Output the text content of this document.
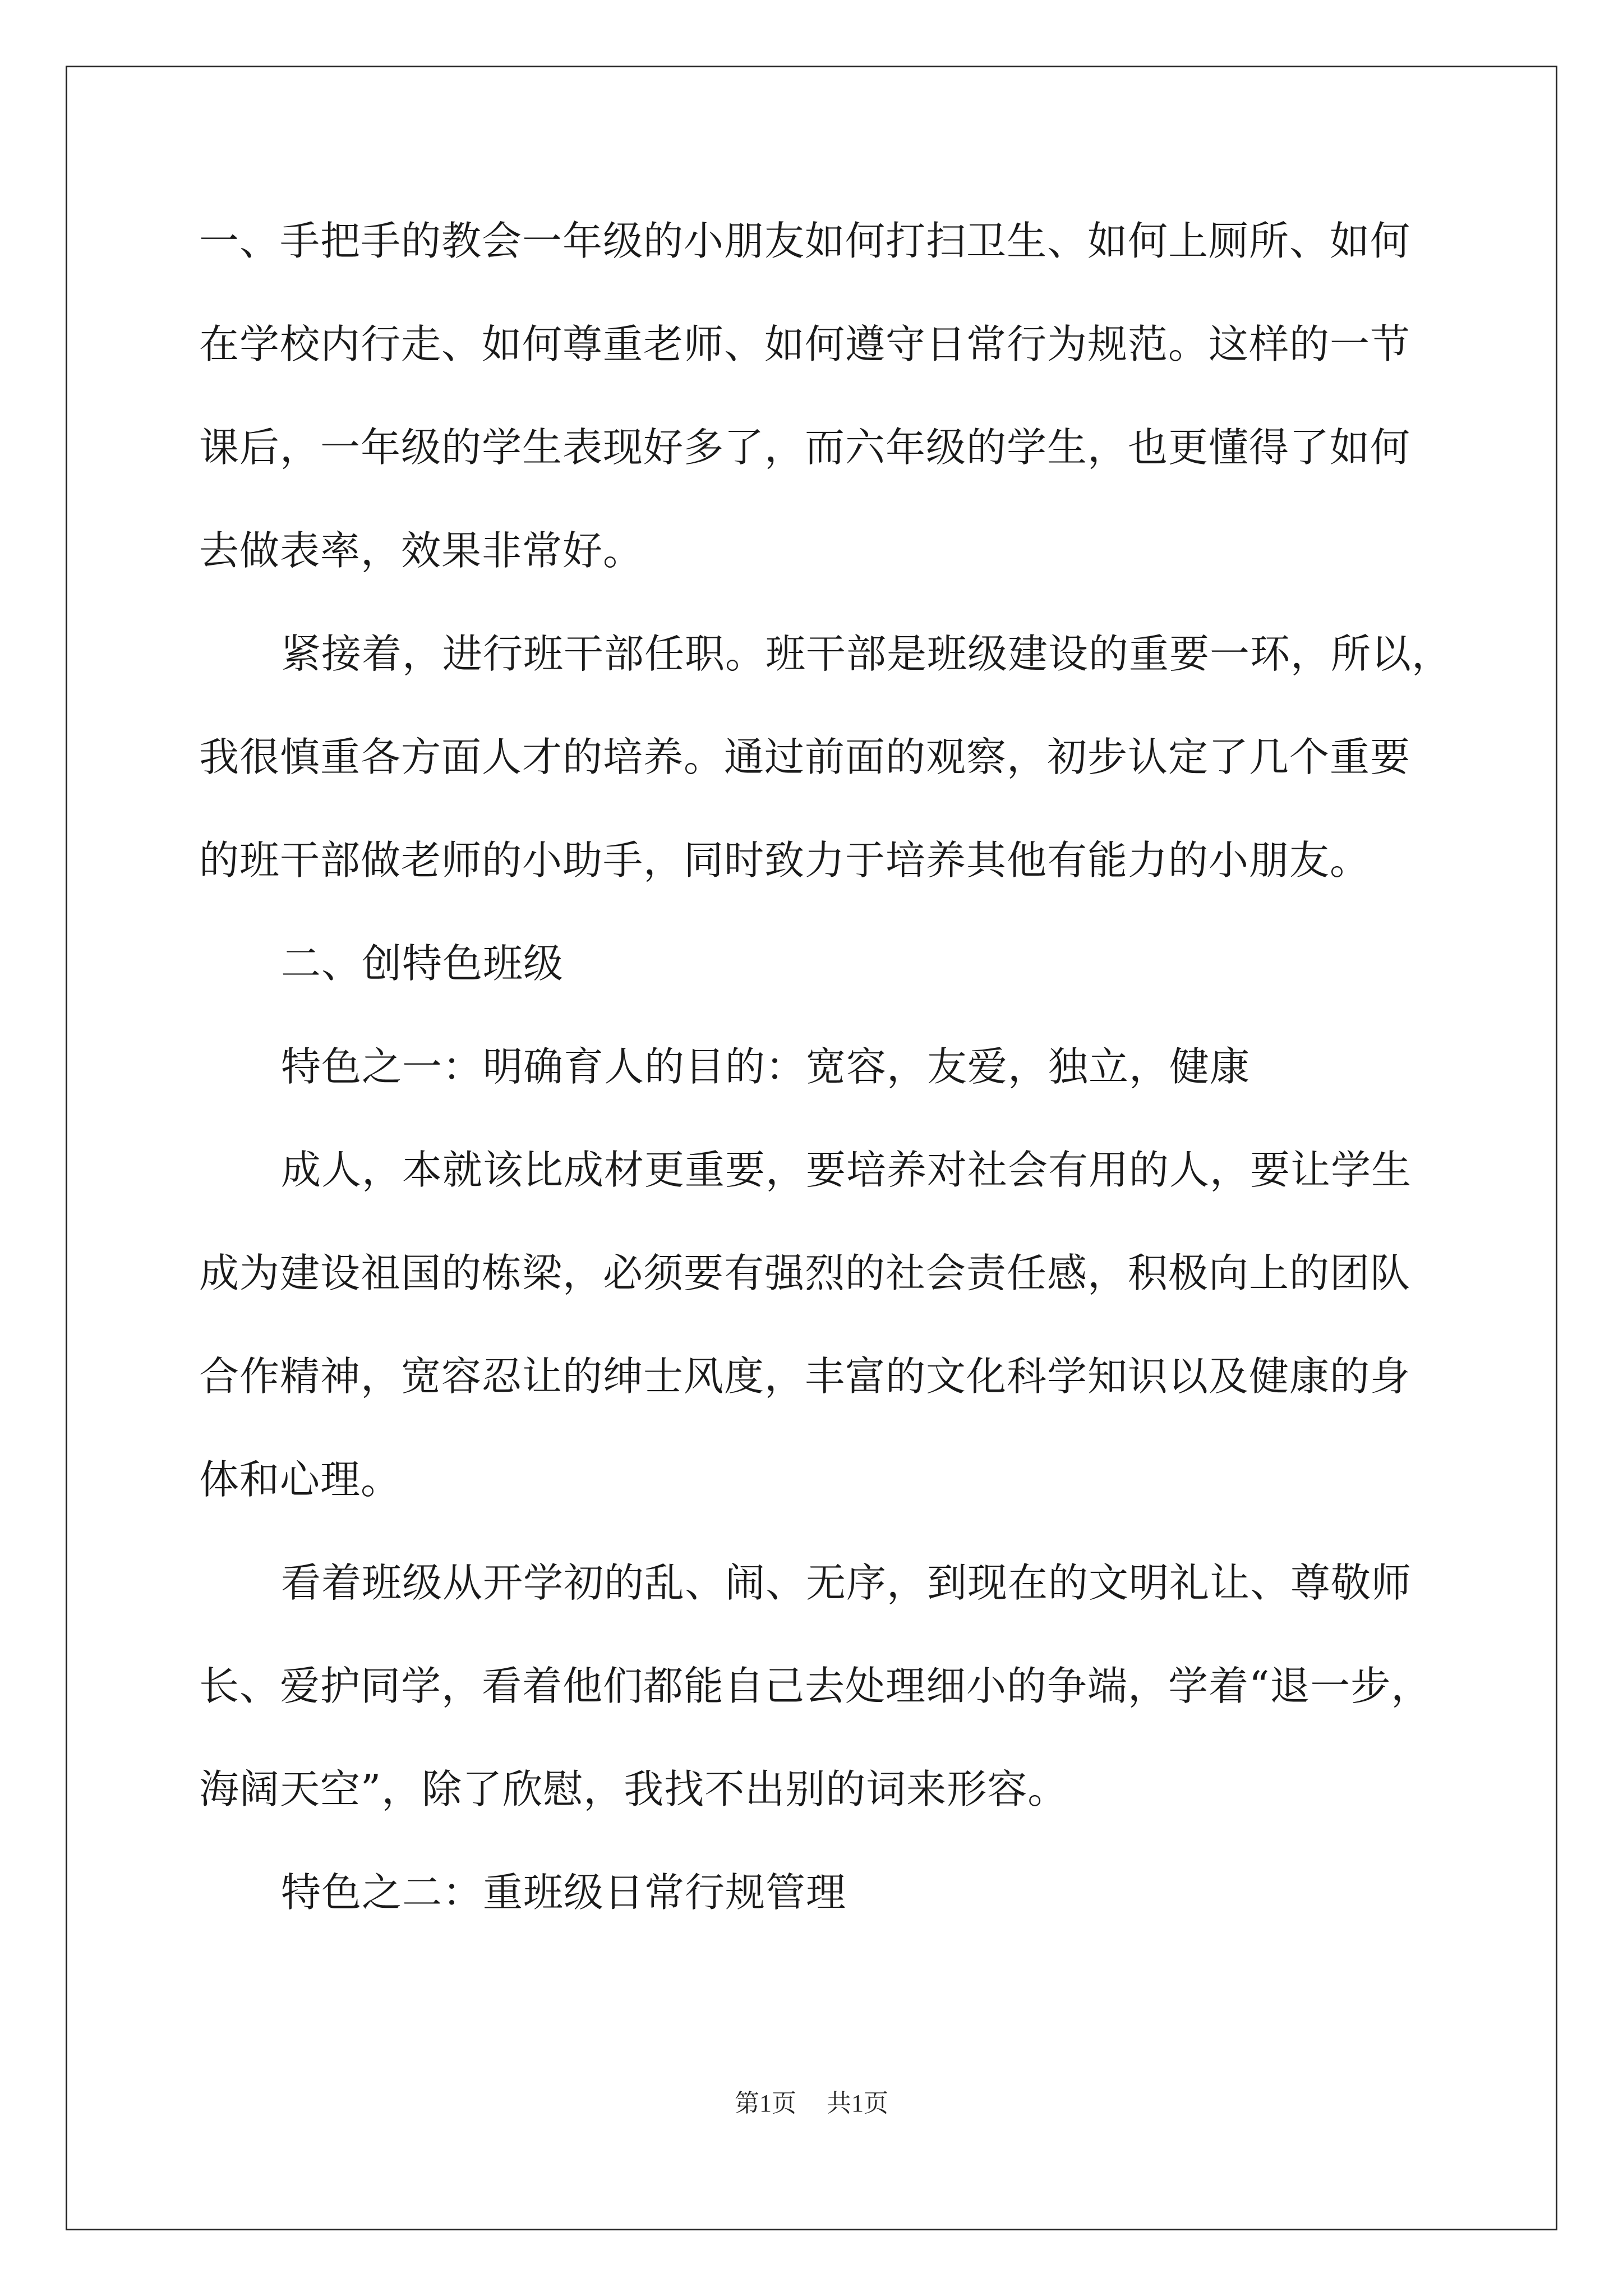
一、手把手的教会一年级的小朋友如何打扫卫生、如何上厕所、如何
在学校内行走、如何尊重老师、如何遵守日常行为规范。这样的一节
课后，一年级的学生表现好多了，而六年级的学生，也更懂得了如何
去做表率，效果非常好。
紧接着，进行班干部任职。班干部是班级建设的重要一环，所以，
我很慎重各方面人才的培养。通过前面的观察，初步认定了几个重要
的班干部做老师的小助手，同时致力于培养其他有能力的小朋友。
二、创特色班级
特色之一：明确育人的目的：宽容，友爱，独立，健康
成人，本就该比成材更重要，要培养对社会有用的人，要让学生
成为建设祖国的栋梁，必须要有强烈的社会责任感，积极向上的团队
合作精神，宽容忍让的绅士风度，丰富的文化科学知识以及健康的身
体和心理。
看着班级从开学初的乱、闹、无序，到现在的文明礼让、尊敬师
长、爱护同学，看着他们都能自己去处理细小的争端，学着“退一步，
海阔天空”，除了欣慰，我找不出别的词来形容。
特色之二：重班级日常行规管理
第1页 共1页
